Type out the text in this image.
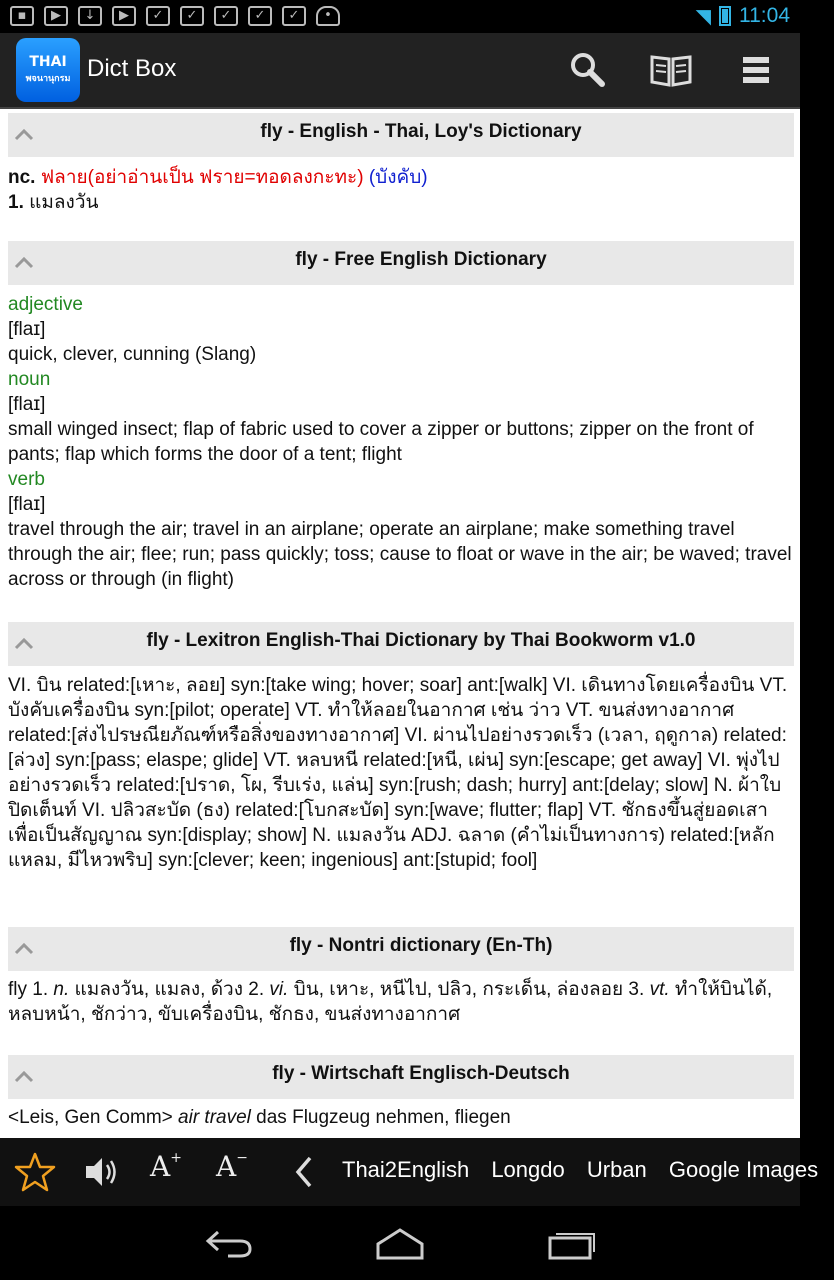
▪	▶	↓	▶	✓	✓	✓	✓	✓	•	◥ 11:04
THAI
พจนานุกรม Dict Box
fly - English - Thai, Loy's Dictionary
nc. ฟลาย(อย่าอ่านเป็น ฟราย=ทอดลงกะทะ) (บังคับ)
1. แมลงวัน
fly - Free English Dictionary
adjective
[flaɪ]
quick, clever, cunning (Slang)
noun
[flaɪ]
small winged insect; flap of fabric used to cover a zipper or buttons; zipper on the front of pants; flap which forms the door of a tent; flight
verb
[flaɪ]
travel through the air; travel in an airplane; operate an airplane; make something travel through the air; flee; run; pass quickly; toss; cause to float or wave in the air; be waved; travel across or through (in flight)
fly - Lexitron English-Thai Dictionary by Thai Bookworm v1.0
VI. บิน related:[เหาะ, ลอย] syn:[take wing; hover; soar] ant:[walk] VI. เดินทางโดยเครื่องบิน VT. บังคับเครื่องบิน syn:[pilot; operate] VT. ทำให้ลอยในอากาศ เช่น ว่าว VT. ขนส่งทางอากาศ related:[ส่งไปรษณียภัณฑ์หรือสิ่งของทางอากาศ] VI. ผ่านไปอย่างรวดเร็ว (เวลา, ฤดูกาล) related:[ล่วง] syn:[pass; elaspe; glide] VT. หลบหนี related:[หนี, เผ่น] syn:[escape; get away] VI. พุ่งไปอย่างรวดเร็ว related:[ปราด, โผ, รีบเร่ง, แล่น] syn:[rush; dash; hurry] ant:[delay; slow] N. ผ้าใบปิดเต็นท์ VI. ปลิวสะบัด (ธง) related:[โบกสะบัด] syn:[wave; flutter; flap] VT. ชักธงขึ้นสู่ยอดเสาเพื่อเป็นสัญญาณ syn:[display; show] N. แมลงวัน ADJ. ฉลาด (คำไม่เป็นทางการ) related:[หลักแหลม, มีไหวพริบ] syn:[clever; keen; ingenious] ant:[stupid; fool]
fly - Nontri dictionary (En-Th)
fly 1. n. แมลงวัน, แมลง, ด้วง 2. vi. บิน, เหาะ, หนีไป, ปลิว, กระเด็น, ล่องลอย 3. vt. ทำให้บินได้, หลบหน้า, ชักว่าว, ขับเครื่องบิน, ชักธง, ขนส่งทางอากาศ
fly - Wirtschaft Englisch-Deutsch
<Leis, Gen Comm> air travel das Flugzeug nehmen, fliegen
A+ A−	Thai2English Longdo Urban Google Images
